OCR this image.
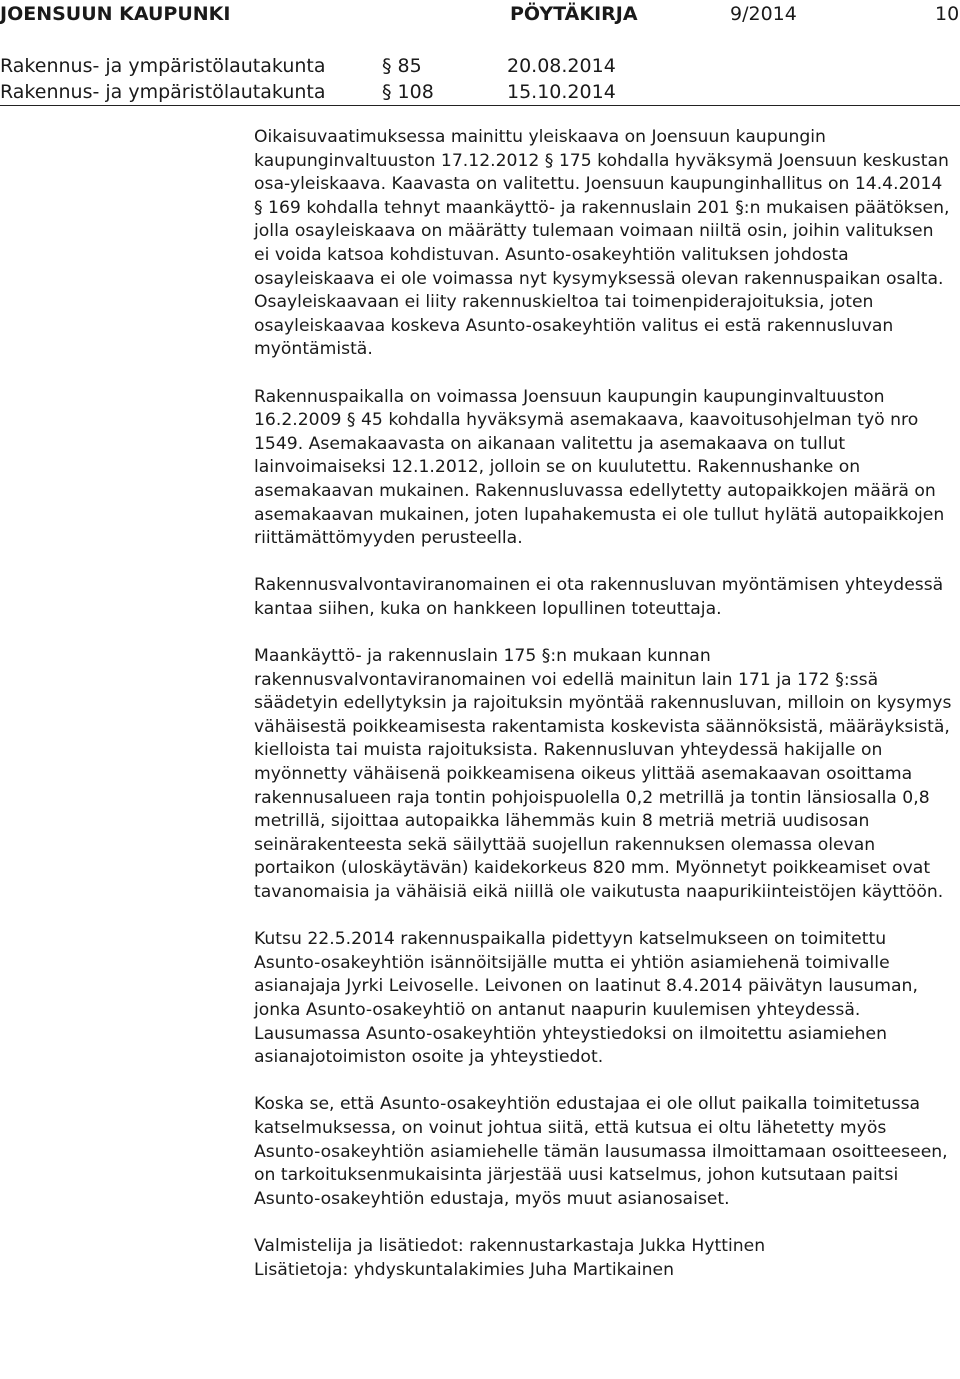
JOENSUUN KAUPUNKI	PÖYTÄKIRJA	9/2014	10
Rakennus- ja ympäristölautakunta	§ 85	20.08.2014
Rakennus- ja ympäristölautakunta	§ 108	15.10.2014

Oikaisuvaatimuksessa mainittu yleiskaava on Joensuun kaupungin kaupunginvaltuuston 17.12.2012 § 175 kohdalla hyväksymä Joensuun keskustan osa-yleiskaava. Kaavasta on valitettu. Joensuun kaupunginhallitus on 14.4.2014 § 169 kohdalla tehnyt maankäyttö- ja rakennuslain 201 §:n mukaisen päätöksen, jolla osayleiskaava on määrätty tulemaan voimaan niiltä osin, joihin valituksen ei voida katsoa kohdistuvan. Asunto-osakeyhtiön valituksen johdosta osayleiskaava ei ole voimassa nyt kysymyksessä olevan rakennuspaikan osalta. Osayleiskaavaan ei liity rakennuskieltoa tai toimenpiderajoituksia, joten osayleiskaavaa koskeva Asunto-osakeyhtiön valitus ei estä rakennusluvan myöntämistä.

Rakennuspaikalla on voimassa Joensuun kaupungin kaupunginvaltuuston 16.2.2009 § 45 kohdalla hyväksymä asemakaava, kaavoitusohjelman työ nro 1549. Asemakaavasta on aikanaan valitettu ja asemakaava on tullut lainvoimaiseksi 12.1.2012, jolloin se on kuulutettu. Rakennushanke on asemakaavan mukainen. Rakennusluvassa edellytetty autopaikkojen määrä on asemakaavan mukainen, joten lupahakemusta ei ole tullut hylätä autopaikkojen riittämättömyyden perusteella.

Rakennusvalvontaviranomainen ei ota rakennusluvan myöntämisen yhteydessä kantaa siihen, kuka on hankkeen lopullinen toteuttaja.

Maankäyttö- ja rakennuslain 175 §:n mukaan kunnan rakennusvalvontaviranomainen voi edellä mainitun lain 171 ja 172 §:ssä säädetyin edellytyksin ja rajoituksin myöntää rakennusluvan, milloin on kysymys vähäisestä poikkeamisesta rakentamista koskevista säännöksistä, määräyksistä, kielloista tai muista rajoituksista. Rakennusluvan yhteydessä hakijalle on myönnetty vähäisenä poikkeamisena oikeus ylittää asemakaavan osoittama rakennusalueen raja tontin pohjoispuolella 0,2 metrillä ja tontin länsiosalla 0,8 metrillä, sijoittaa autopaikka lähemmäs kuin 8 metriä metriä uudisosan seinärakenteesta sekä säilyttää suojellun rakennuksen olemassa olevan portaikon (uloskäytävän) kaidekorkeus 820 mm. Myönnetyt poikkeamiset ovat tavanomaisia ja vähäisiä eikä niillä ole vaikutusta naapurikiinteistöjen käyttöön.

Kutsu 22.5.2014 rakennuspaikalla pidettyyn katselmukseen on toimitettu Asunto-osakeyhtiön isännöitsijälle mutta ei yhtiön asiamiehenä toimivalle asianajaja Jyrki Leivoselle. Leivonen on laatinut 8.4.2014 päivätyn lausuman, jonka Asunto-osakeyhtiö on antanut naapurin kuulemisen yhteydessä. Lausumassa Asunto-osakeyhtiön yhteystiedoksi on ilmoitettu asiamiehen asianajotoimiston osoite ja yhteystiedot.

Koska se, että Asunto-osakeyhtiön edustajaa ei ole ollut paikalla toimitetussa katselmuksessa, on voinut johtua siitä, että kutsua ei oltu lähetetty myös Asunto-osakeyhtiön asiamiehelle tämän lausumassa ilmoittamaan osoitteeseen, on tarkoituksenmukaisinta järjestää uusi katselmus, johon kutsutaan paitsi Asunto-osakeyhtiön edustaja, myös muut asianosaiset.

Valmistelija ja lisätiedot: rakennustarkastaja Jukka Hyttinen
Lisätietoja: yhdyskuntalakimies Juha Martikainen
